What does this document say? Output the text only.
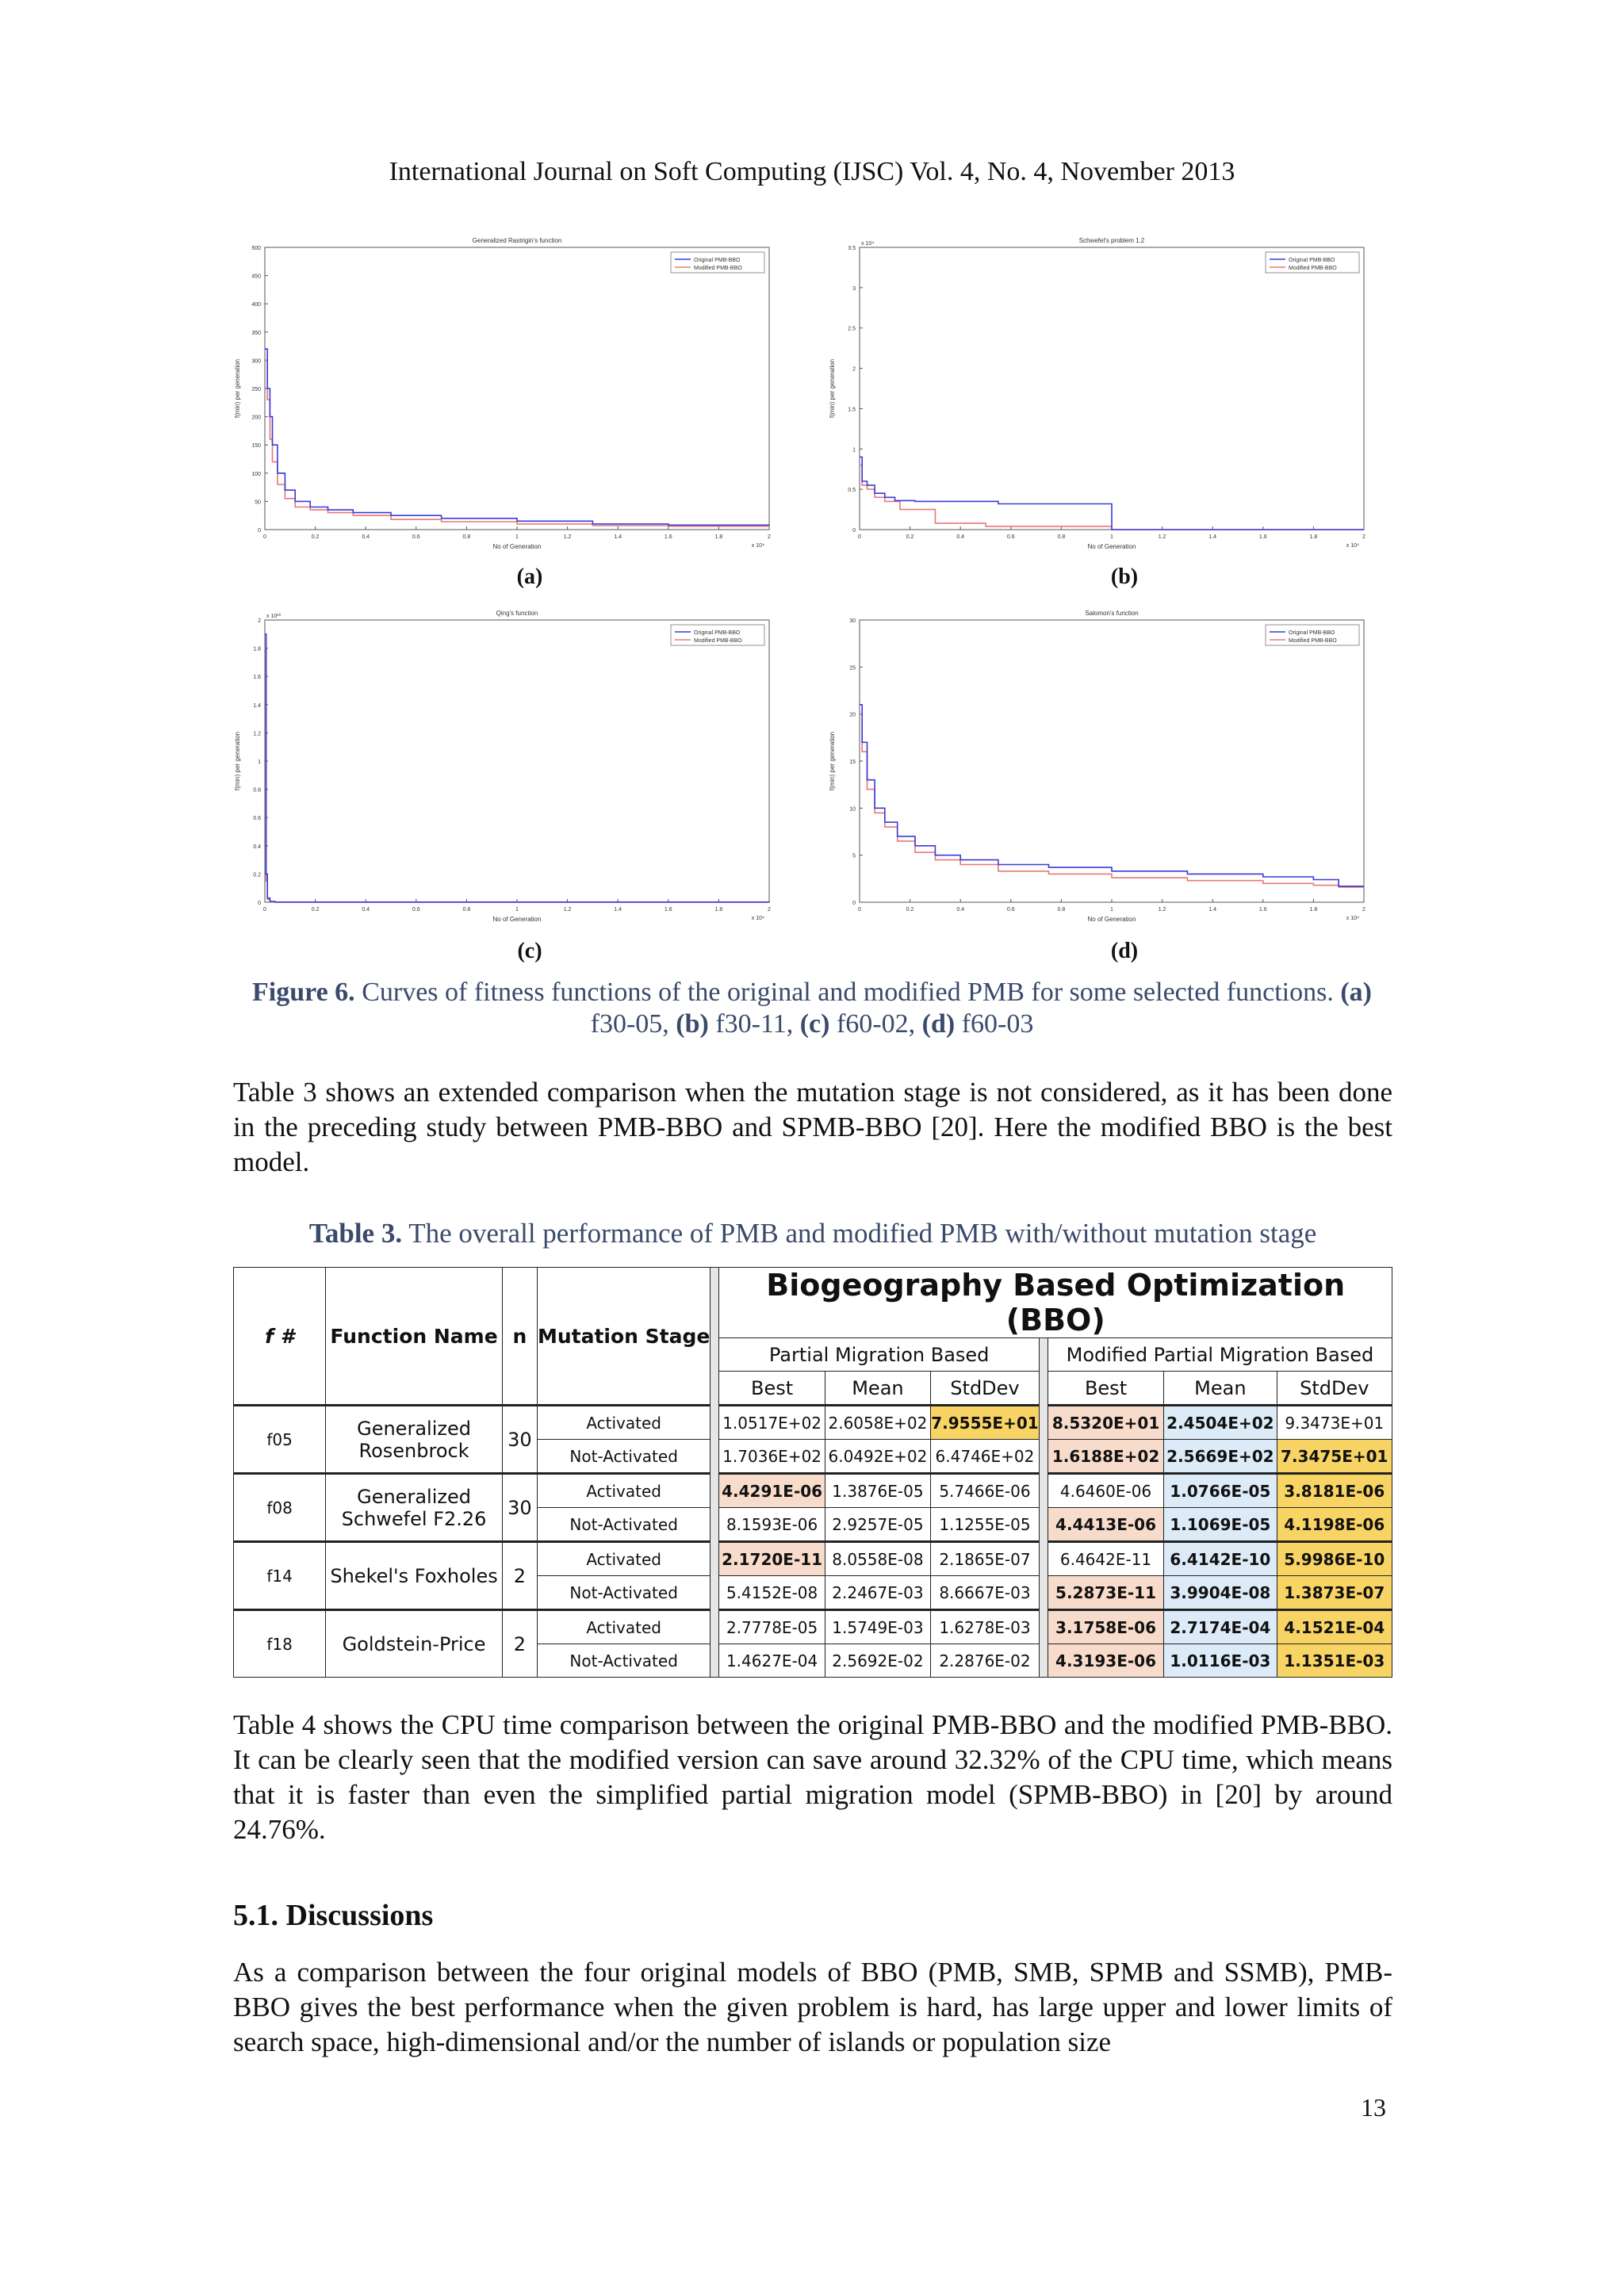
International Journal on Soft Computing (IJSC) Vol. 4, No. 4, November 2013
Generalized Rastrigin's function
0	0.2	0.4	0.6	0.8	1	1.2	1.4	1.6	1.8	2
0
50
100
150
200
250
300
350
400
450
500
x 10⁴
No of Generation
f(min) per generation
Original PMB-BBO
Modified PMB-BBO
(a)
Schwefel's problem 1.2
0	0.2	0.4	0.6	0.8	1	1.2	1.4	1.6	1.8	2
0
0.5
1
1.5
2
2.5
3
3.5
x 10⁴
x 10⁴
No of Generation
f(min) per generation
Original PMB-BBO
Modified PMB-BBO
(b)
Qing's function
0	0.2	0.4	0.6	0.8	1	1.2	1.4	1.6	1.8	2
0
0.2
0.4
0.6
0.8
1
1.2
1.4
1.6
1.8
2
x 10⁴
x 10¹⁰
No of Generation
f(min) per generation
Original PMB-BBO
Modified PMB-BBO
(c)
Salomon's function
0	0.2	0.4	0.6	0.8	1	1.2	1.4	1.6	1.8	2
0
5
10
15
20
25
30
x 10⁴
No of Generation
f(min) per generation
Original PMB-BBO
Modified PMB-BBO
(d)
Figure 6. Curves of fitness functions of the original and modified PMB for some selected functions. (a)
f30-05, (b) f30-11, (c) f60-02, (d) f60-03

Table 3 shows an extended comparison when the mutation stage is not considered, as it has been done in the preceding study between PMB-BBO and SPMB-BBO [20]. Here the modified BBO is the best model.

Table 3. The overall performance of PMB and modified PMB with/without mutation stage
f #	Function Name	n	Mutation Stage		Biogeography Based Optimization (BBO)						
					Partial Migration Based				Modified Partial Migration Based		
					Best	Mean	StdDev		Best	Mean	StdDev
f05	Generalized Rosenbrock	30	Activated		1.0517E+02	2.6058E+02	7.9555E+01		8.5320E+01	2.4504E+02	9.3473E+01
			Not-Activated		1.7036E+02	6.0492E+02	6.4746E+02		1.6188E+02	2.5669E+02	7.3475E+01
f08	Generalized Schwefel F2.26	30	Activated		4.4291E-06	1.3876E-05	5.7466E-06		4.6460E-06	1.0766E-05	3.8181E-06
			Not-Activated		8.1593E-06	2.9257E-05	1.1255E-05		4.4413E-06	1.1069E-05	4.1198E-06
f14	Shekel's Foxholes	2	Activated		2.1720E-11	8.0558E-08	2.1865E-07		6.4642E-11	6.4142E-10	5.9986E-10
			Not-Activated		5.4152E-08	2.2467E-03	8.6667E-03		5.2873E-11	3.9904E-08	1.3873E-07
f18	Goldstein-Price	2	Activated		2.7778E-05	1.5749E-03	1.6278E-03		3.1758E-06	2.7174E-04	4.1521E-04
			Not-Activated		1.4627E-04	2.5692E-02	2.2876E-02		4.3193E-06	1.0116E-03	1.1351E-03

Table 4 shows the CPU time comparison between the original PMB-BBO and the modified PMB-BBO. It can be clearly seen that the modified version can save around 32.32% of the CPU time, which means that it is faster than even the simplified partial migration model (SPMB-BBO) in [20] by around 24.76%.

5.1. Discussions

As a comparison between the four original models of BBO (PMB, SMB, SPMB and SSMB), PMB-BBO gives the best performance when the given problem is hard, has large upper and lower limits of search space, high-dimensional and/or the number of islands or population size

13
